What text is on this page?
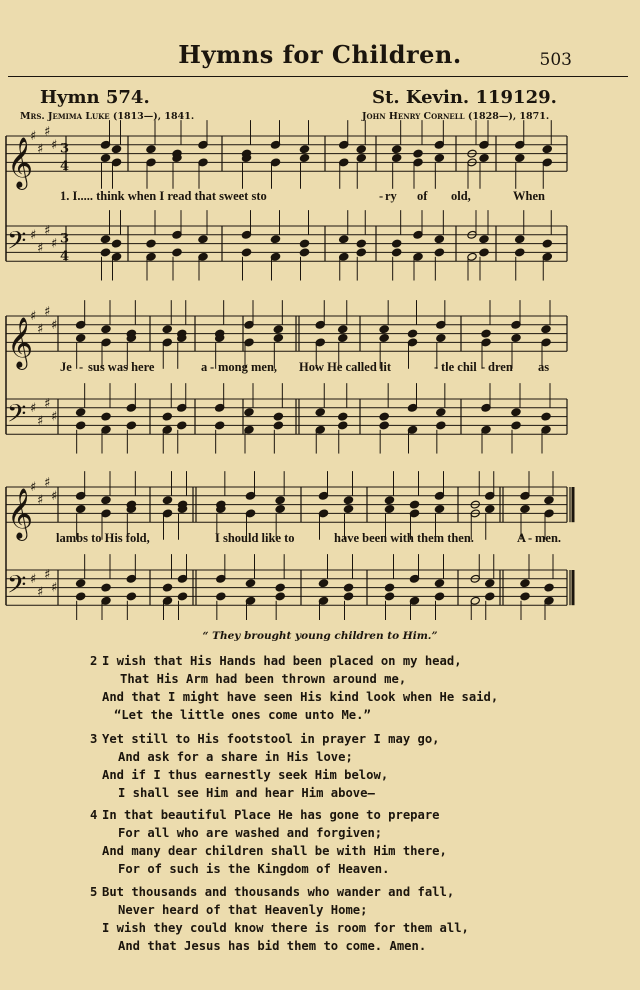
Hymns for Children.	503
Hymn 574.	St. Kevin. 119129.
Mrs. Jemima Luke (1813—), 1841.	John Henry Cornell (1828—), 1871.
𝄞
♯
♯
♯
♯ 3
4
𝄢 ♯
♯
♯
♯ 3
4
𝄞
♯
♯
♯
♯
𝄢 ♯
♯
♯
♯
𝄞
♯
♯
♯
♯
𝄢 ♯
♯
♯
♯
1. I..... think when I read that sweet sto	- ry of old,	When
Je - sus was here	a - mong men, How He called lit	- tle chil - dren as
lambs to His fold,	I should like to	have been with them then.	A - men.
“ They brought young children to Him.”
2 I wish that His Hands had been placed on my head,
That His Arm had been thrown around me,
And that I might have seen His kind look when He said,
“Let the little ones come unto Me.”
3 Yet still to His footstool in prayer I may go,
And ask for a share in His love;
And if I thus earnestly seek Him below,
I shall see Him and hear Him above—
4 In that beautiful Place He has gone to prepare
For all who are washed and forgiven;
And many dear children shall be with Him there,
For of such is the Kingdom of Heaven.
5 But thousands and thousands who wander and fall,
Never heard of that Heavenly Home;
I wish they could know there is room for them all,
And that Jesus has bid them to come. Amen.
